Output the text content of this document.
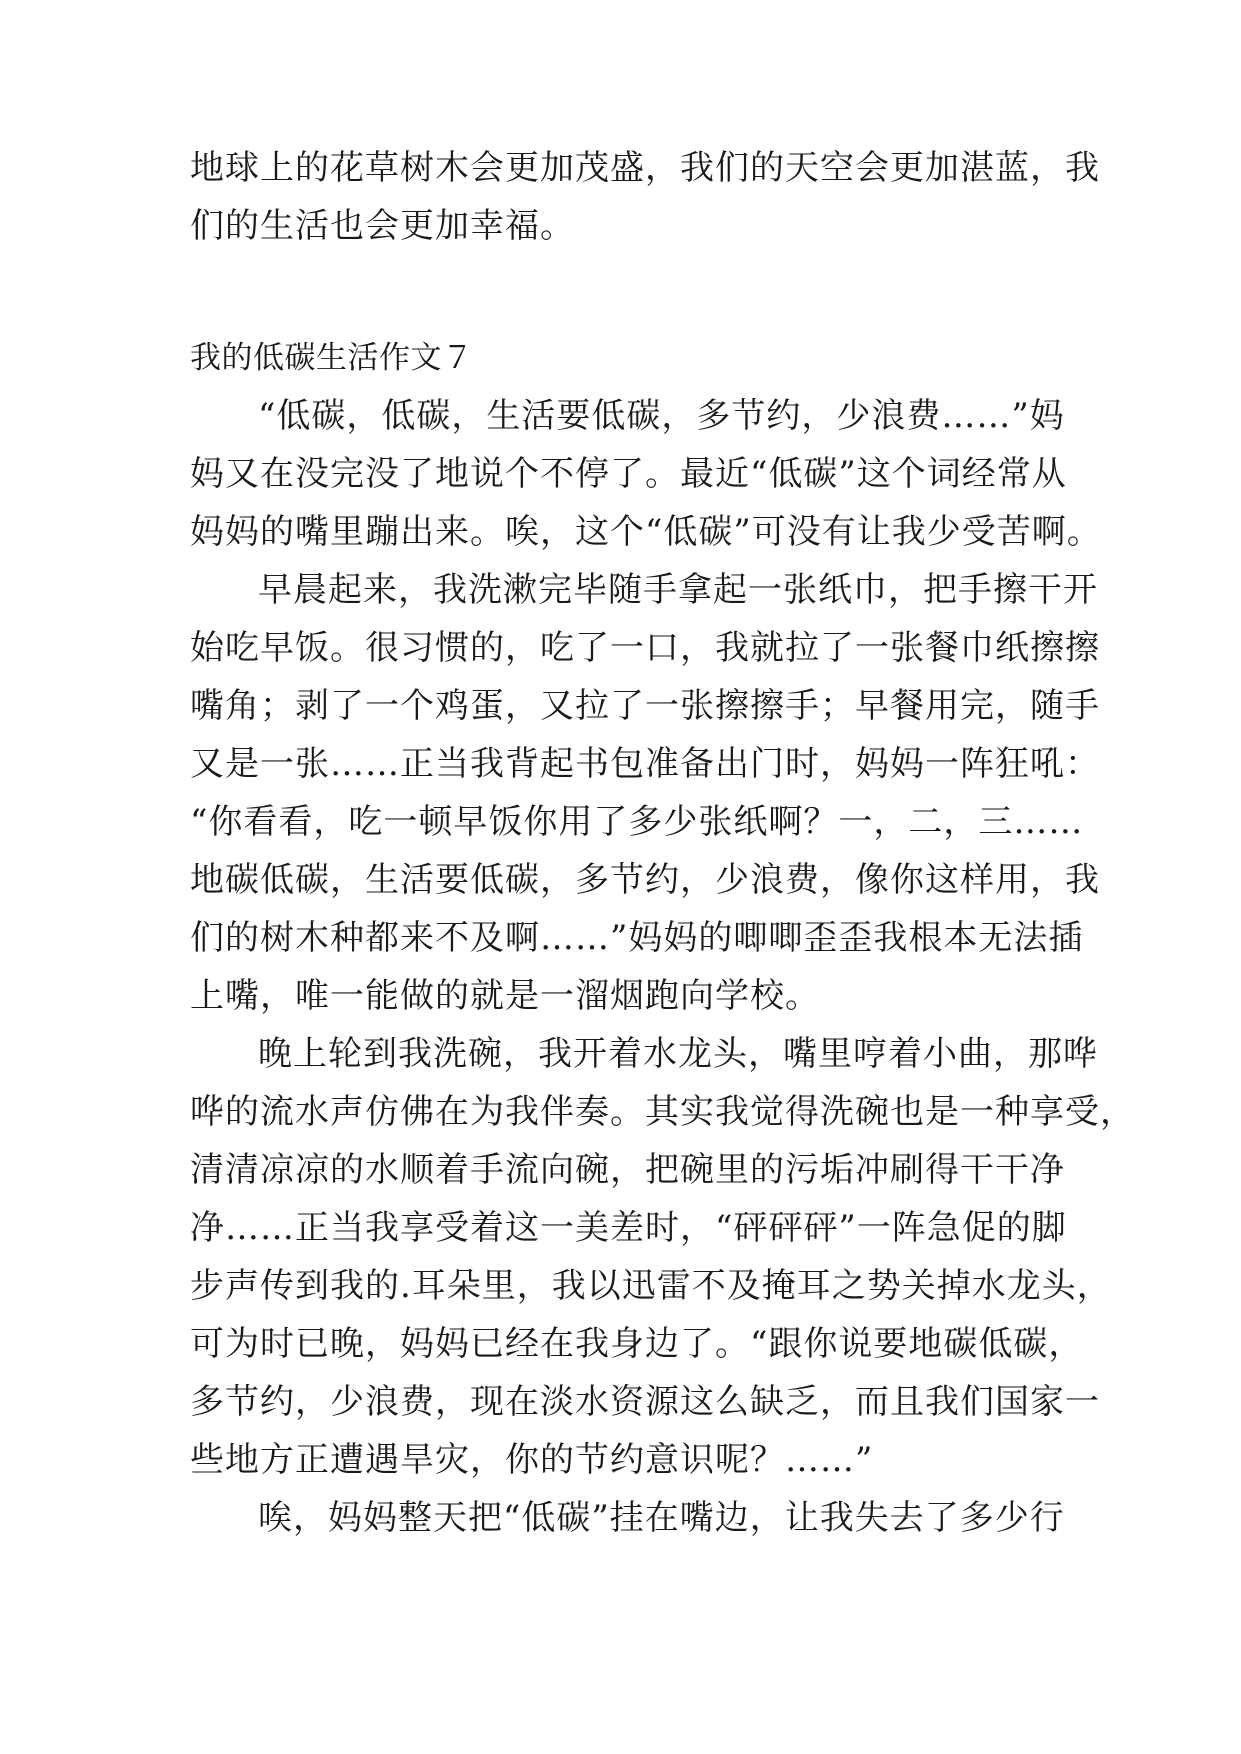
地球上的花草树木会更加茂盛，我们的天空会更加湛蓝，我
们的生活也会更加幸福。
我的低碳生活作文７
“低碳，低碳，生活要低碳，多节约，少浪费……”妈
妈又在没完没了地说个不停了。最近“低碳”这个词经常从
妈妈的嘴里蹦出来。唉，这个“低碳”可没有让我少受苦啊。
早晨起来，我洗漱完毕随手拿起一张纸巾，把手擦干开
始吃早饭。很习惯的，吃了一口，我就拉了一张餐巾纸擦擦
嘴角；剥了一个鸡蛋，又拉了一张擦擦手；早餐用完，随手
又是一张……正当我背起书包准备出门时，妈妈一阵狂吼：
“你看看，吃一顿早饭你用了多少张纸啊？一，二，三……
地碳低碳，生活要低碳，多节约，少浪费，像你这样用，我
们的树木种都来不及啊……”妈妈的唧唧歪歪我根本无法插
上嘴，唯一能做的就是一溜烟跑向学校。
晚上轮到我洗碗，我开着水龙头，嘴里哼着小曲，那哗
哗的流水声仿佛在为我伴奏。其实我觉得洗碗也是一种享受，
清清凉凉的水顺着手流向碗，把碗里的污垢冲刷得干干净
净……正当我享受着这一美差时，“砰砰砰”一阵急促的脚
步声传到我的.耳朵里，我以迅雷不及掩耳之势关掉水龙头，
可为时已晚，妈妈已经在我身边了。“跟你说要地碳低碳，
多节约，少浪费，现在淡水资源这么缺乏，而且我们国家一
些地方正遭遇旱灾，你的节约意识呢？……”
唉，妈妈整天把“低碳”挂在嘴边，让我失去了多少行
